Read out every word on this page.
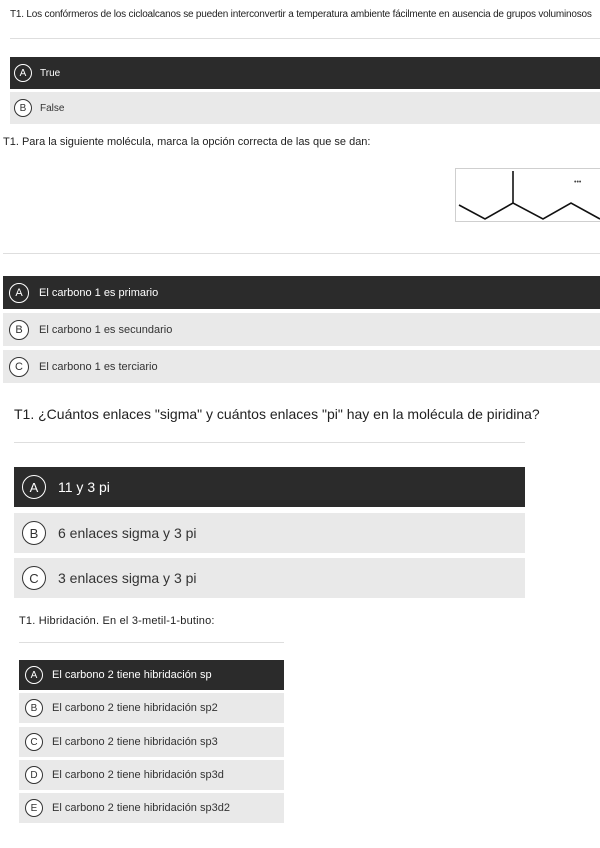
T1. Los confórmeros de los cicloalcanos se pueden interconvertir a temperatura ambiente fácilmente en ausencia de grupos voluminosos
A	True
B	False
T1. Para la siguiente molécula, marca la opción correcta de las que se dan:
•••
A	El carbono 1 es primario
B	El carbono 1 es secundario
C	El carbono 1 es terciario
T1. ¿Cuántos enlaces "sigma" y cuántos enlaces "pi" hay en la molécula de piridina?
A	11 y 3 pi
B	6 enlaces sigma y 3 pi
C	3 enlaces sigma y 3 pi
T1. Hibridación. En el 3-metil-1-butino:
A	El carbono 2 tiene hibridación sp
B	El carbono 2 tiene hibridación sp2
C	El carbono 2 tiene hibridación sp3
D	El carbono 2 tiene hibridación sp3d
E	El carbono 2 tiene hibridación sp3d2
